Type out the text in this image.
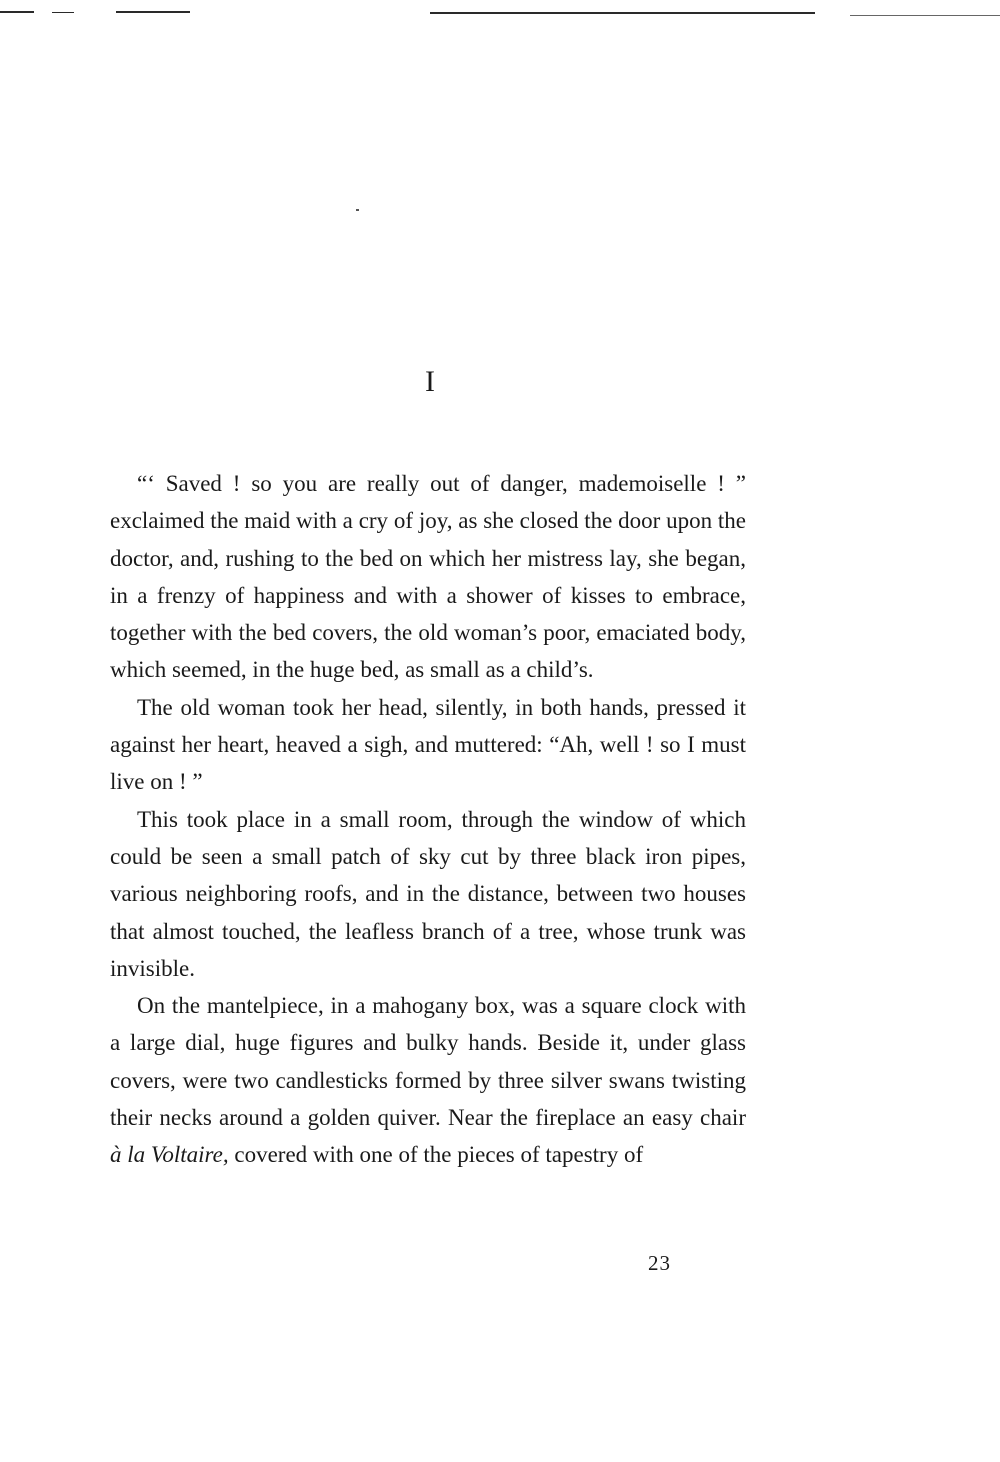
I

“‘ Saved ! so you are really out of danger, mademoiselle ! ” exclaimed the maid with a cry of joy, as she closed the door upon the doctor, and, rushing to the bed on which her mistress lay, she began, in a frenzy of happiness and with a shower of kisses to embrace, together with the bed covers, the old woman’s poor, emaciated body, which seemed, in the huge bed, as small as a child’s.

The old woman took her head, silently, in both hands, pressed it against her heart, heaved a sigh, and muttered: “Ah, well ! so I must live on ! ”

This took place in a small room, through the window of which could be seen a small patch of sky cut by three black iron pipes, various neighboring roofs, and in the distance, between two houses that almost touched, the leafless branch of a tree, whose trunk was invisible.

On the mantelpiece, in a mahogany box, was a square clock with a large dial, huge figures and bulky hands. Beside it, under glass covers, were two candlesticks formed by three silver swans twisting their necks around a golden quiver. Near the fireplace an easy chair à la Voltaire, covered with one of the pieces of tapestry of

23
